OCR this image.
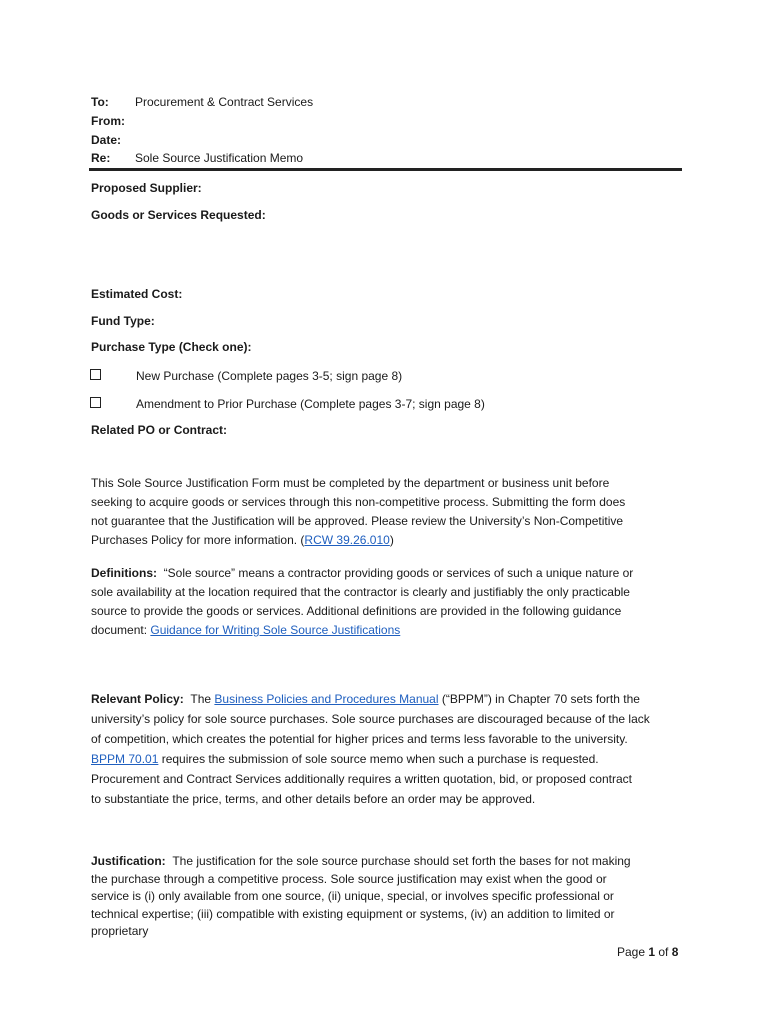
To: Procurement & Contract Services
From:
Date:
Re: Sole Source Justification Memo
Proposed Supplier:
Goods or Services Requested:
Estimated Cost:
Fund Type:
Purchase Type (Check one):
New Purchase (Complete pages 3-5; sign page 8)
Amendment to Prior Purchase (Complete pages 3-7; sign page 8)
Related PO or Contract:
This Sole Source Justification Form must be completed by the department or business unit before
seeking to acquire goods or services through this non-competitive process. Submitting the form does
not guarantee that the Justification will be approved. Please review the University’s Non-Competitive
Purchases Policy for more information. (RCW 39.26.010)
Definitions: “Sole source” means a contractor providing goods or services of such a unique nature or
sole availability at the location required that the contractor is clearly and justifiably the only practicable
source to provide the goods or services. Additional definitions are provided in the following guidance
document: Guidance for Writing Sole Source Justifications
Relevant Policy: The Business Policies and Procedures Manual (“BPPM”) in Chapter 70 sets forth the
university’s policy for sole source purchases. Sole source purchases are discouraged because of the lack
of competition, which creates the potential for higher prices and terms less favorable to the university.
BPPM 70.01 requires the submission of sole source memo when such a purchase is requested.
Procurement and Contract Services additionally requires a written quotation, bid, or proposed contract
to substantiate the price, terms, and other details before an order may be approved.
Justification: The justification for the sole source purchase should set forth the bases for not making
the purchase through a competitive process. Sole source justification may exist when the good or
service is (i) only available from one source, (ii) unique, special, or involves specific professional or
technical expertise; (iii) compatible with existing equipment or systems, (iv) an addition to limited or
proprietary
Page 1 of 8
